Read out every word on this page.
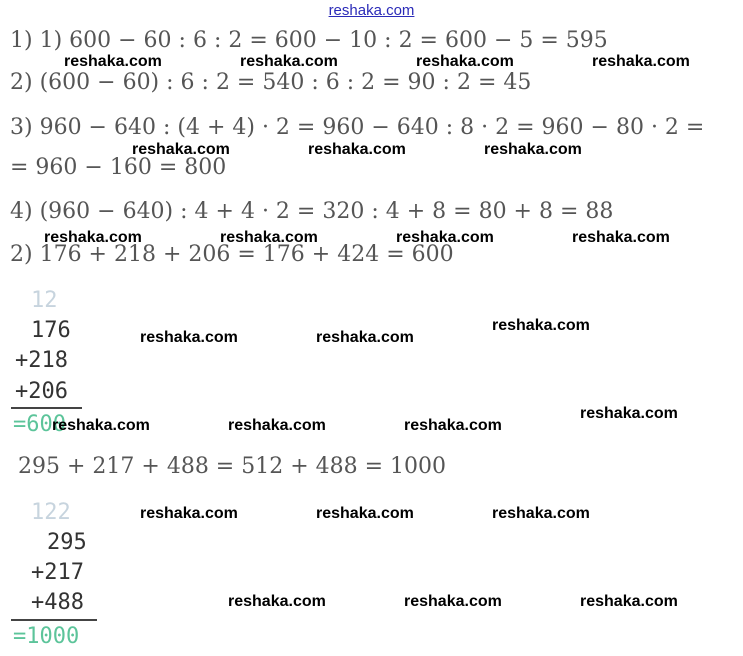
reshaka.com
1) 1) 600 − 60 : 6 : 2 = 600 − 10 : 2 = 600 − 5 = 595
2) (600 − 60) : 6 : 2 = 540 : 6 : 2 = 90 : 2 = 45
3) 960 − 640 : (4 + 4) · 2 = 960 − 640 : 8 · 2 = 960 − 80 · 2 =
= 960 − 160 = 800
4) (960 − 640) : 4 + 4 · 2 = 320 : 4 + 8 = 80 + 8 = 88
2) 176 + 218 + 206 = 176 + 424 = 600
12
176
+218
+206
=600
295 + 217 + 488 = 512 + 488 = 1000
122
295
+217
+488
=1000
reshaka.com	reshaka.com	reshaka.com	reshaka.com
reshaka.com	reshaka.com	reshaka.com
reshaka.com	reshaka.com	reshaka.com	reshaka.com
reshaka.com
reshaka.com	reshaka.com
reshaka.com
reshaka.com	reshaka.com	reshaka.com
reshaka.com	reshaka.com	reshaka.com
reshaka.com	reshaka.com	reshaka.com
